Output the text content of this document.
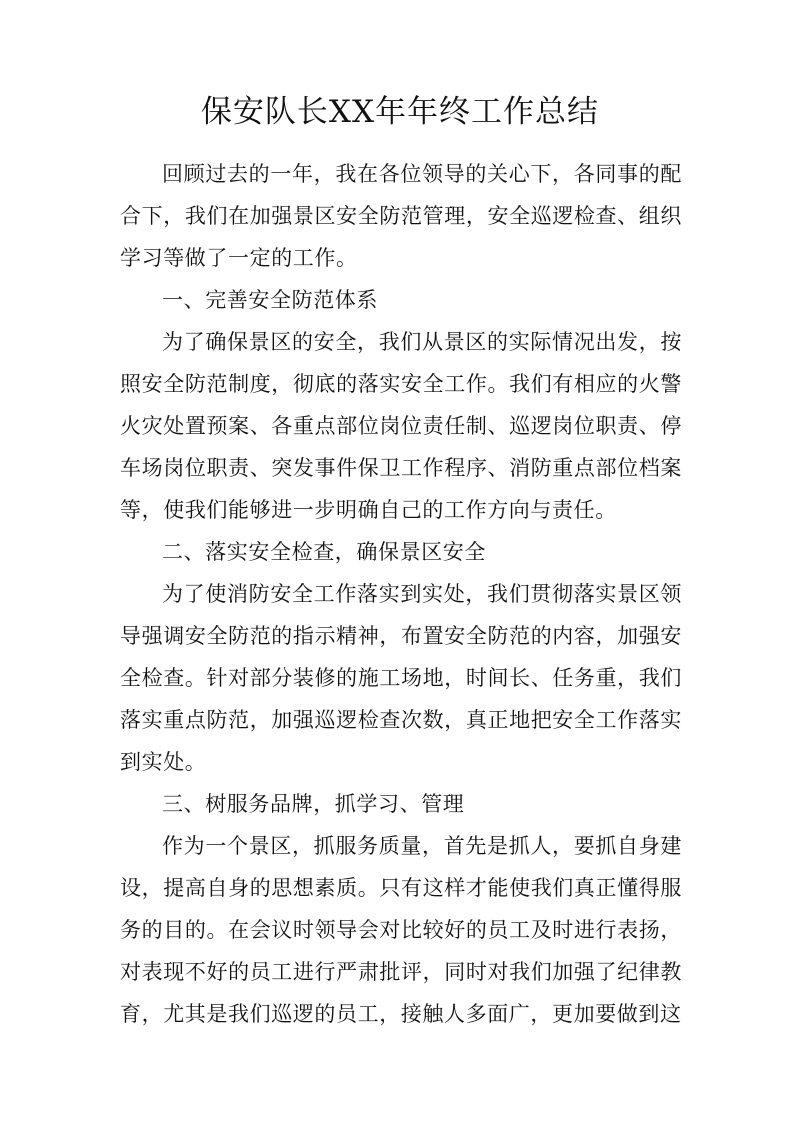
保安队长XX年年终工作总结

回顾过去的一年，我在各位领导的关心下，各同事的配合下，我们在加强景区安全防范管理，安全巡逻检查、组织学习等做了一定的工作。

一、完善安全防范体系

为了确保景区的安全，我们从景区的实际情况出发，按照安全防范制度，彻底的落实安全工作。我们有相应的火警火灾处置预案、各重点部位岗位责任制、巡逻岗位职责、停车场岗位职责、突发事件保卫工作程序、消防重点部位档案等，使我们能够进一步明确自己的工作方向与责任。

二、落实安全检查，确保景区安全

为了使消防安全工作落实到实处，我们贯彻落实景区领导强调安全防范的指示精神，布置安全防范的内容，加强安全检查。针对部分装修的施工场地，时间长、任务重，我们落实重点防范，加强巡逻检查次数，真正地把安全工作落实到实处。

三、树服务品牌，抓学习、管理

作为一个景区，抓服务质量，首先是抓人，要抓自身建设，提高自身的思想素质。只有这样才能使我们真正懂得服务的目的。在会议时领导会对比较好的员工及时进行表扬，对表现不好的员工进行严肃批评，同时对我们加强了纪律教育，尤其是我们巡逻的员工，接触人多面广，更加要做到这
